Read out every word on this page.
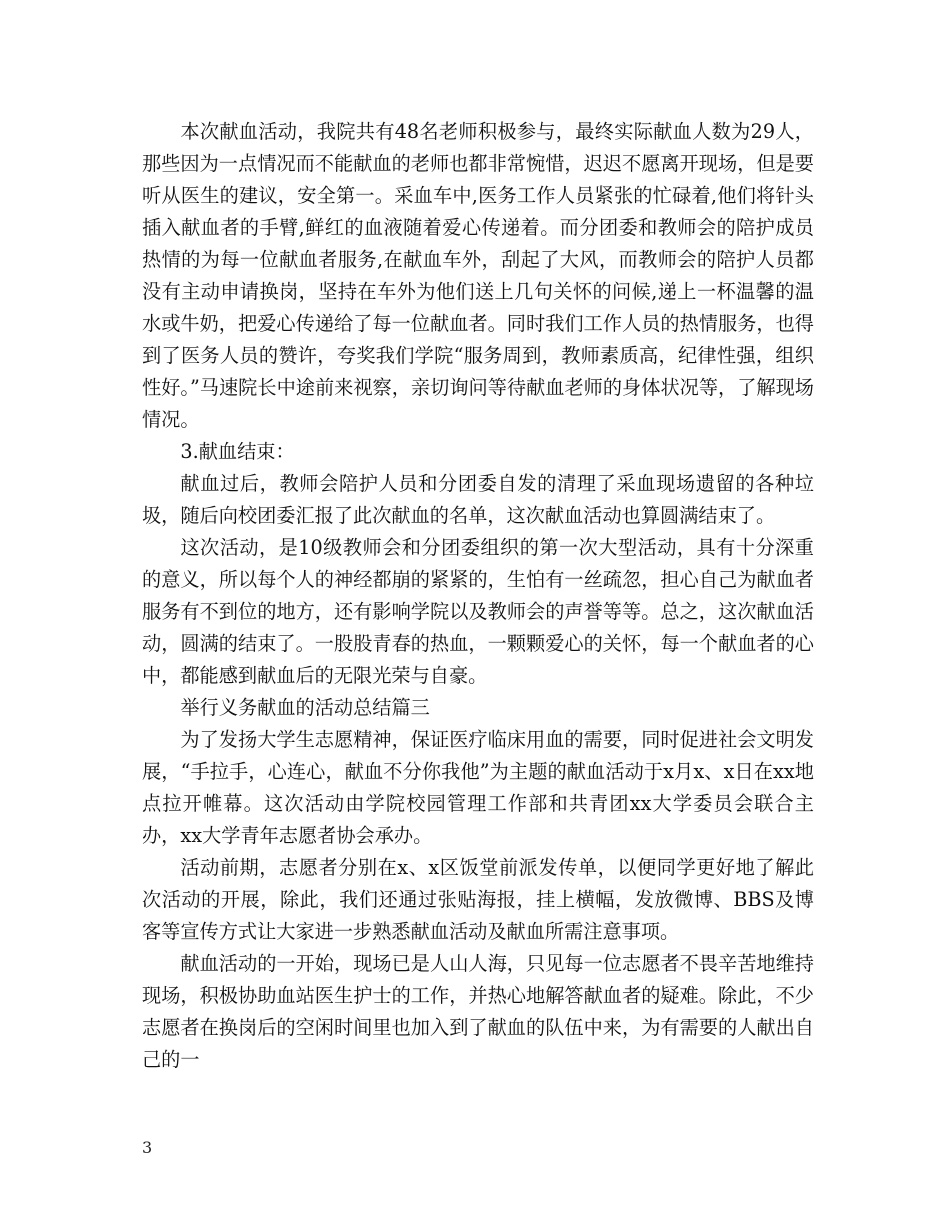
本次献血活动，我院共有48名老师积极参与，最终实际献血人数为29人，那些因为一点情况而不能献血的老师也都非常惋惜，迟迟不愿离开现场，但是要听从医生的建议，安全第一。采血车中,医务工作人员紧张的忙碌着,他们将针头插入献血者的手臂,鲜红的血液随着爱心传递着。而分团委和教师会的陪护成员热情的为每一位献血者服务,在献血车外，刮起了大风，而教师会的陪护人员都没有主动申请换岗，坚持在车外为他们送上几句关怀的问候,递上一杯温馨的温水或牛奶，把爱心传递给了每一位献血者。同时我们工作人员的热情服务，也得到了医务人员的赞许，夸奖我们学院“服务周到，教师素质高，纪律性强，组织性好。”马速院长中途前来视察，亲切询问等待献血老师的身体状况等，了解现场情况。

3.献血结束：

献血过后，教师会陪护人员和分团委自发的清理了采血现场遗留的各种垃圾，随后向校团委汇报了此次献血的名单，这次献血活动也算圆满结束了。

这次活动，是10级教师会和分团委组织的第一次大型活动，具有十分深重的意义，所以每个人的神经都崩的紧紧的，生怕有一丝疏忽，担心自己为献血者服务有不到位的地方，还有影响学院以及教师会的声誉等等。总之，这次献血活动，圆满的结束了。一股股青春的热血，一颗颗爱心的关怀，每一个献血者的心中，都能感到献血后的无限光荣与自豪。

举行义务献血的活动总结篇三

为了发扬大学生志愿精神，保证医疗临床用血的需要，同时促进社会文明发展，“手拉手，心连心，献血不分你我他”为主题的献血活动于x月x、x日在xx地点拉开帷幕。这次活动由学院校园管理工作部和共青团xx大学委员会联合主办，xx大学青年志愿者协会承办。

活动前期，志愿者分别在x、x区饭堂前派发传单，以便同学更好地了解此次活动的开展，除此，我们还通过张贴海报，挂上横幅，发放微博、BBS及博客等宣传方式让大家进一步熟悉献血活动及献血所需注意事项。

献血活动的一开始，现场已是人山人海，只见每一位志愿者不畏辛苦地维持现场，积极协助血站医生护士的工作，并热心地解答献血者的疑难。除此，不少志愿者在换岗后的空闲时间里也加入到了献血的队伍中来，为有需要的人献出自己的一

3
